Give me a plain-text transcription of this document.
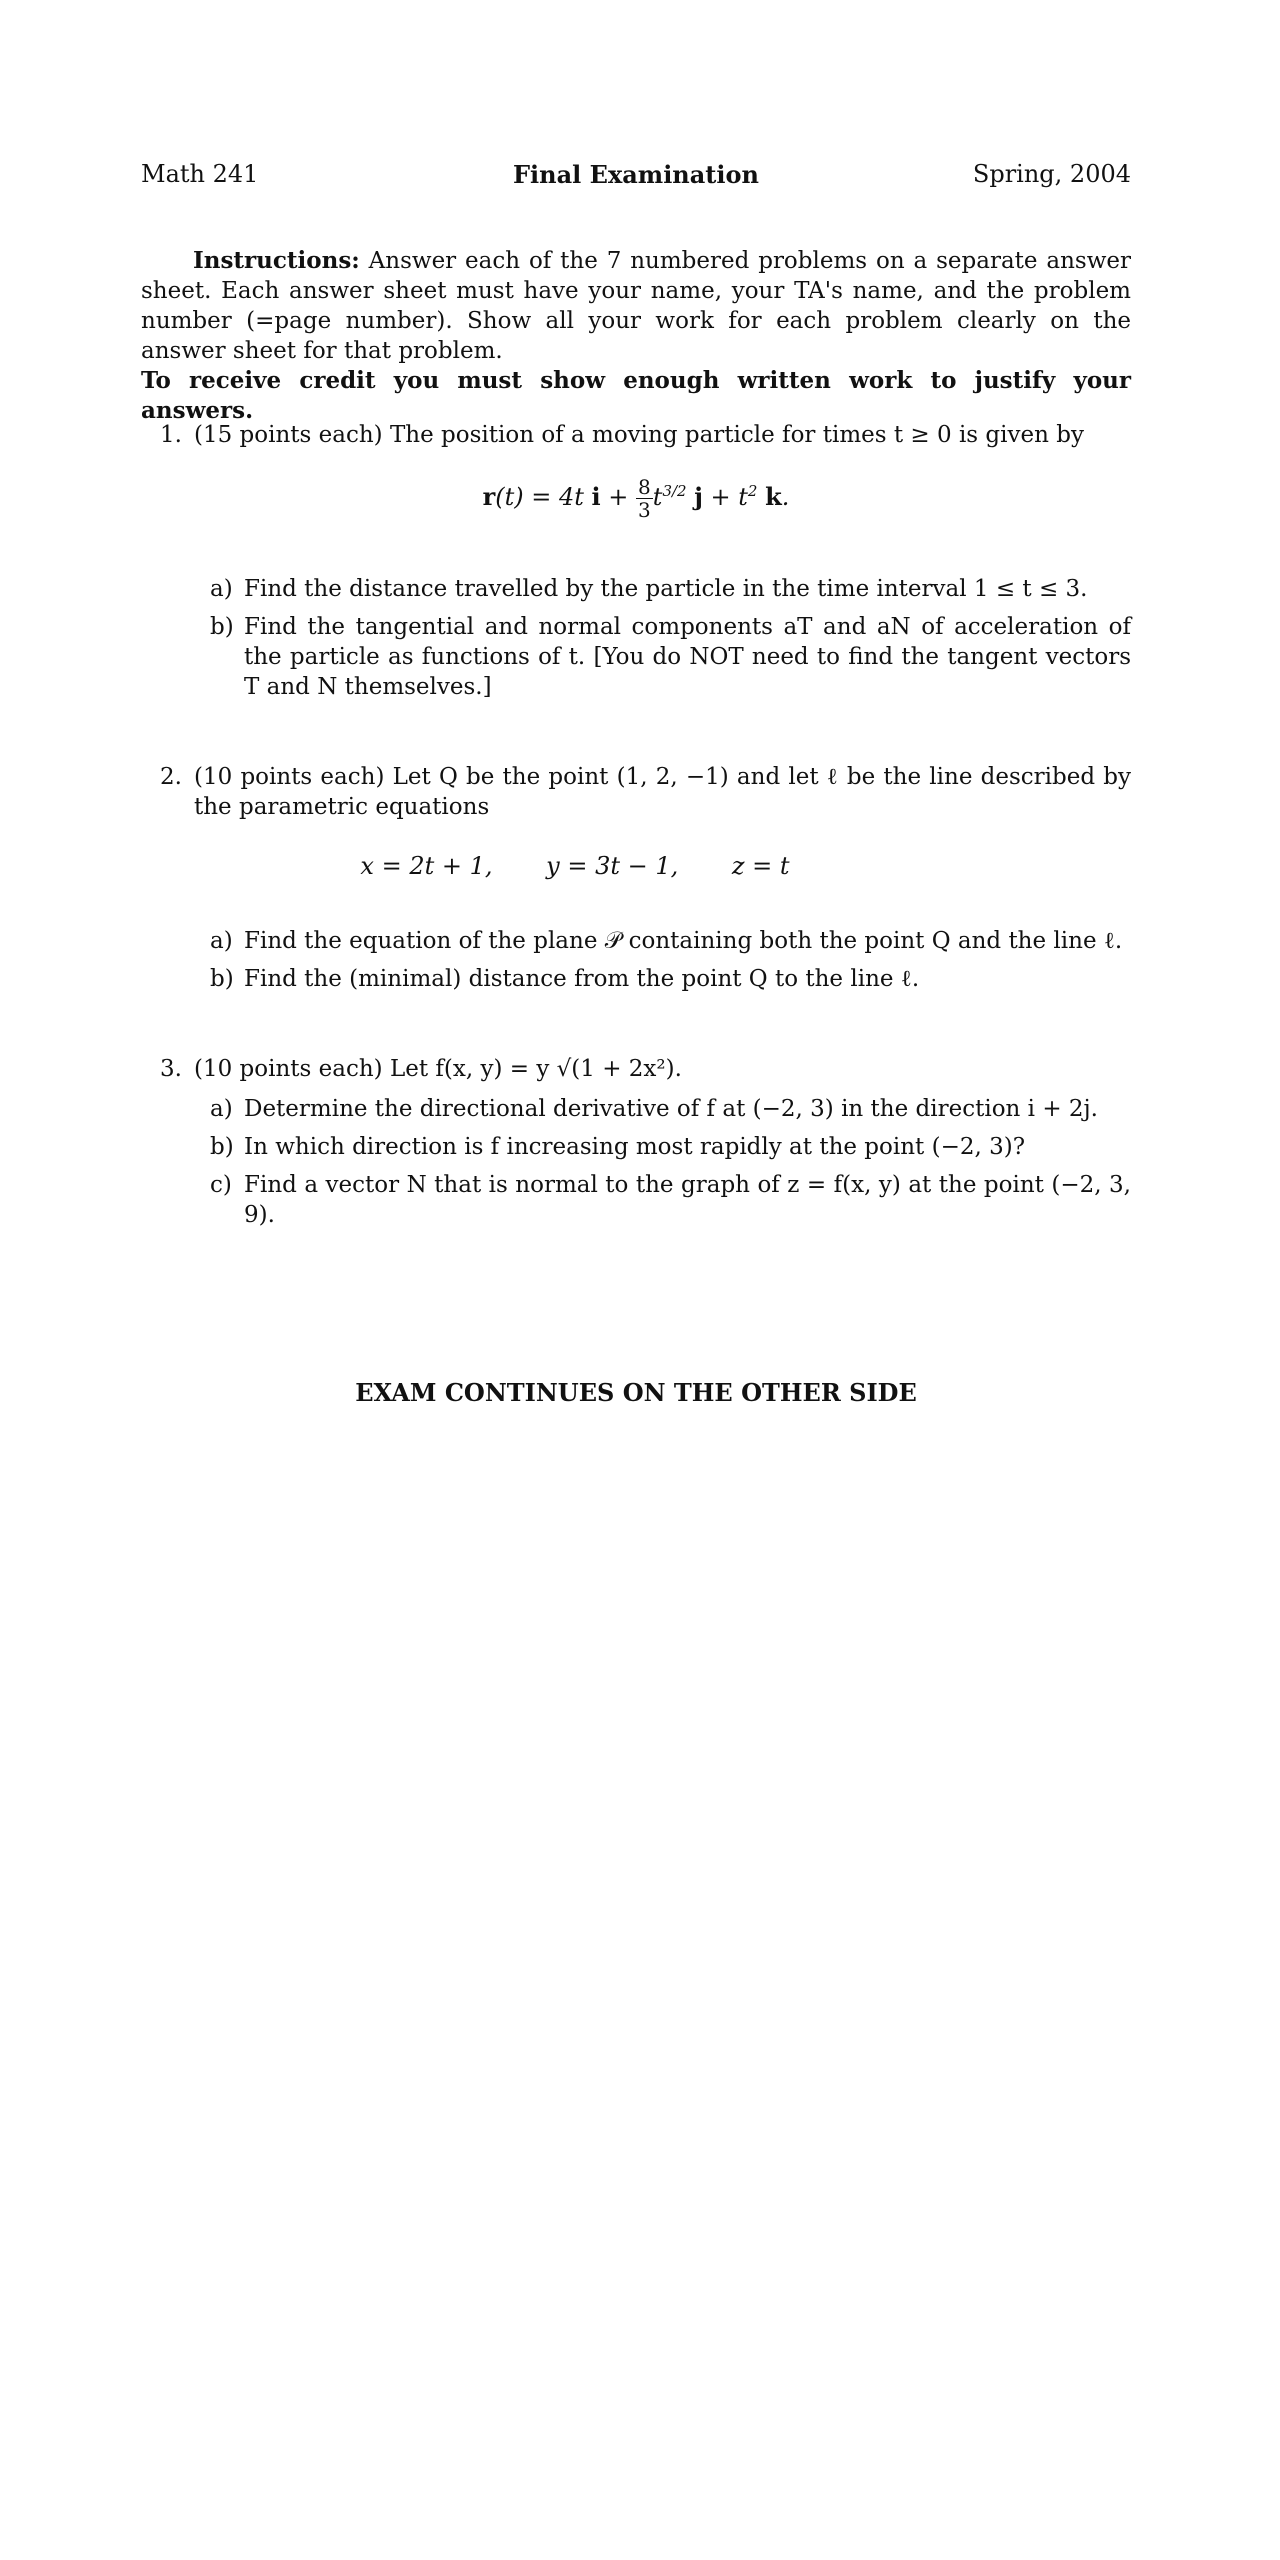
Math 241	Final Examination	Spring, 2004
Instructions: Answer each of the 7 numbered problems on a separate answer sheet. Each answer sheet must have your name, your TA's name, and the problem number (=page number). Show all your work for each problem clearly on the answer sheet for that problem.
To receive credit you must show enough written work to justify your answers.
1. (15 points each) The position of a moving particle for times t ≥ 0 is given by
r(t) = 4t $i + \frac{8}{3} t^{3/2}$ $j + t^2$ k.
a) Find the distance travelled by the particle in the time interval 1 ≤ t ≤ 3.
b) Find the tangential and normal components aT and aN of acceleration of the particle as functions of t. [You do NOT need to find the tangent vectors T and N themselves.]
2. (10 points each) Let Q be the point (1, 2, −1) and let ℓ be the line described by the parametric equations
x = 2t + 1, y = 3t − 1, z = t
a) Find the equation of the plane 𝒫 containing both the point Q and the line ℓ.
b) Find the (minimal) distance from the point Q to the line ℓ.
3. (10 points each) Let f(x, y) = y √(1 + 2x²).
a) Determine the directional derivative of f at (−2, 3) in the direction i + 2j.
b) In which direction is f increasing most rapidly at the point (−2, 3)?
c) Find a vector N that is normal to the graph of z = f(x, y) at the point (−2, 3, 9).
EXAM CONTINUES ON THE OTHER SIDE
